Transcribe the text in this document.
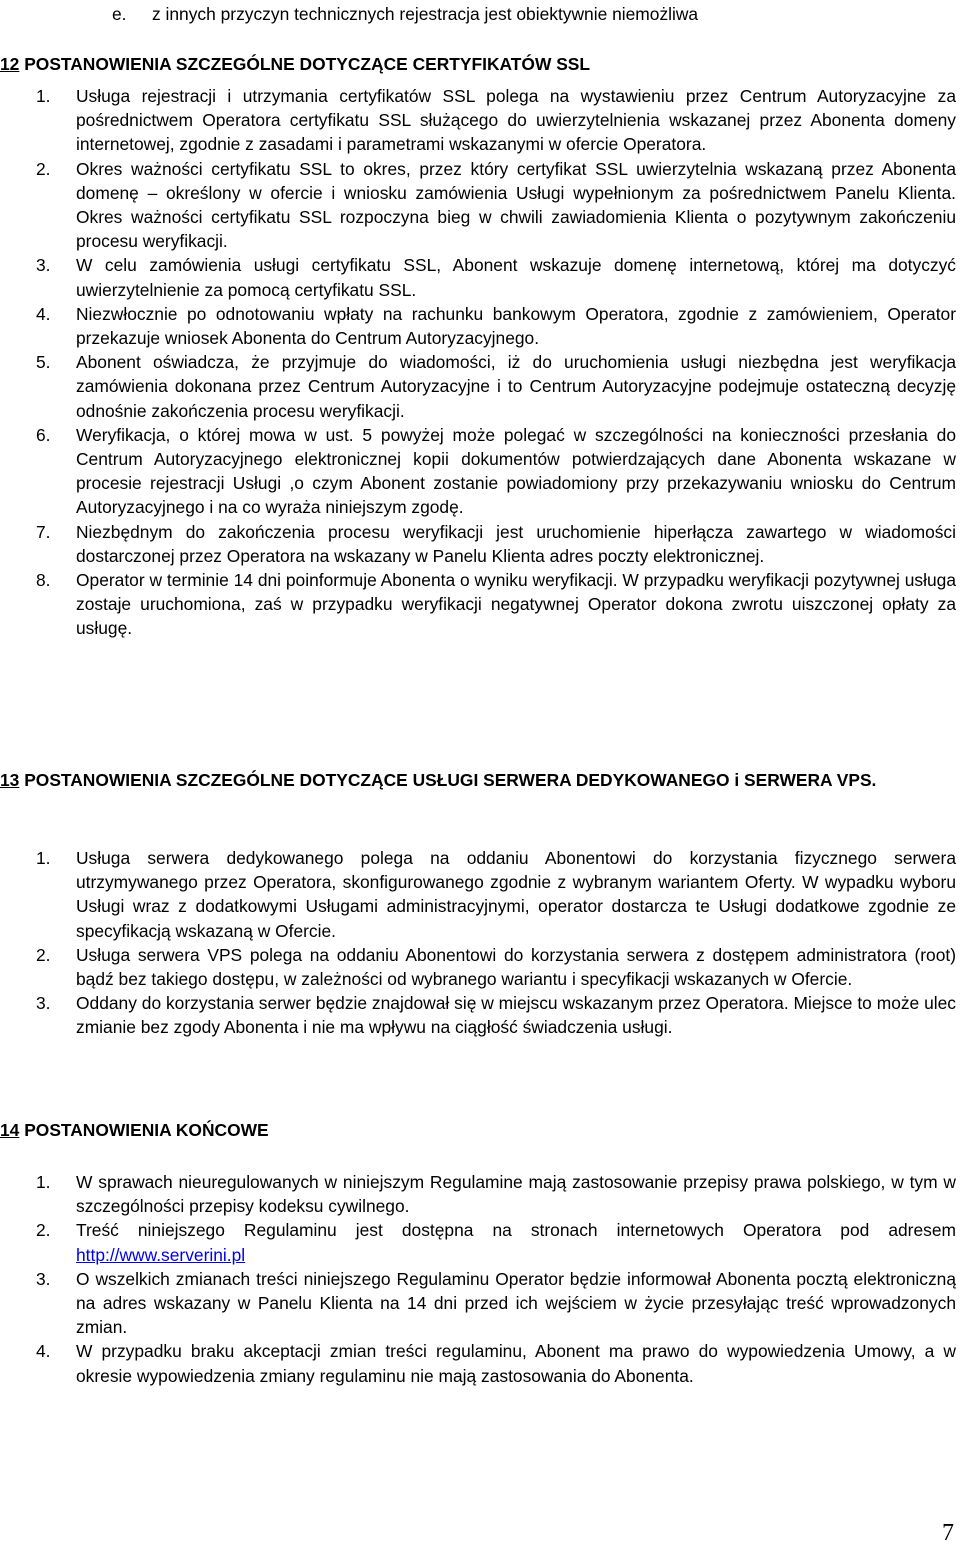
e. z innych przyczyn technicznych rejestracja jest obiektywnie niemożliwa
12 POSTANOWIENIA SZCZEGÓLNE DOTYCZĄCE CERTYFIKATÓW SSL
1. Usługa rejestracji i utrzymania certyfikatów SSL polega na wystawieniu przez Centrum Autoryzacyjne za pośrednictwem Operatora certyfikatu SSL służącego do uwierzytelnienia wskazanej przez Abonenta domeny internetowej, zgodnie z zasadami i parametrami wskazanymi w ofercie Operatora.
2. Okres ważności certyfikatu SSL to okres, przez który certyfikat SSL uwierzytelnia wskazaną przez Abonenta domenę – określony w ofercie i wniosku zamówienia Usługi wypełnionym za pośrednictwem Panelu Klienta. Okres ważności certyfikatu SSL rozpoczyna bieg w chwili zawiadomienia Klienta o pozytywnym zakończeniu procesu weryfikacji.
3. W celu zamówienia usługi certyfikatu SSL, Abonent wskazuje domenę internetową, której ma dotyczyć uwierzytelnienie za pomocą certyfikatu SSL.
4. Niezwłocznie po odnotowaniu wpłaty na rachunku bankowym Operatora, zgodnie z zamówieniem, Operator przekazuje wniosek Abonenta do Centrum Autoryzacyjnego.
5. Abonent oświadcza, że przyjmuje do wiadomości, iż do uruchomienia usługi niezbędna jest weryfikacja zamówienia dokonana przez Centrum Autoryzacyjne i to Centrum Autoryzacyjne podejmuje ostateczną decyzję odnośnie zakończenia procesu weryfikacji.
6. Weryfikacja, o której mowa w ust. 5 powyżej może polegać w szczególności na konieczności przesłania do Centrum Autoryzacyjnego elektronicznej kopii dokumentów potwierdzających dane Abonenta wskazane w procesie rejestracji Usługi ,o czym Abonent zostanie powiadomiony przy przekazywaniu wniosku do Centrum Autoryzacyjnego i na co wyraża niniejszym zgodę.
7. Niezbędnym do zakończenia procesu weryfikacji jest uruchomienie hiperłącza zawartego w wiadomości dostarczonej przez Operatora na wskazany w Panelu Klienta adres poczty elektronicznej.
8. Operator w terminie 14 dni poinformuje Abonenta o wyniku weryfikacji. W przypadku weryfikacji pozytywnej usługa zostaje uruchomiona, zaś w przypadku weryfikacji negatywnej Operator dokona zwrotu uiszczonej opłaty za usługę.
13 POSTANOWIENIA SZCZEGÓLNE DOTYCZĄCE USŁUGI SERWERA DEDYKOWANEGO i SERWERA VPS.
1. Usługa serwera dedykowanego polega na oddaniu Abonentowi do korzystania fizycznego serwera utrzymywanego przez Operatora, skonfigurowanego zgodnie z wybranym wariantem Oferty. W wypadku wyboru Usługi wraz z dodatkowymi Usługami administracyjnymi, operator dostarcza te Usługi dodatkowe zgodnie ze specyfikacją wskazaną w Ofercie.
2. Usługa serwera VPS polega na oddaniu Abonentowi do korzystania serwera z dostępem administratora (root) bądź bez takiego dostępu, w zależności od wybranego wariantu i specyfikacji wskazanych w Ofercie.
3. Oddany do korzystania serwer będzie znajdował się w miejscu wskazanym przez Operatora. Miejsce to może ulec zmianie bez zgody Abonenta i nie ma wpływu na ciągłość świadczenia usługi.
14 POSTANOWIENIA KOŃCOWE
1. W sprawach nieuregulowanych w niniejszym Regulamine mają zastosowanie przepisy prawa polskiego, w tym w szczególności przepisy kodeksu cywilnego.
2. Treść niniejszego Regulaminu jest dostępna na stronach internetowych Operatora pod adresem http://www.serverini.pl
3. O wszelkich zmianach treści niniejszego Regulaminu Operator będzie informował Abonenta pocztą elektroniczną na adres wskazany w Panelu Klienta na 14 dni przed ich wejściem w życie przesyłając treść wprowadzonych zmian.
4. W przypadku braku akceptacji zmian treści regulaminu, Abonent ma prawo do wypowiedzenia Umowy, a w okresie wypowiedzenia zmiany regulaminu nie mają zastosowania do Abonenta.
7
